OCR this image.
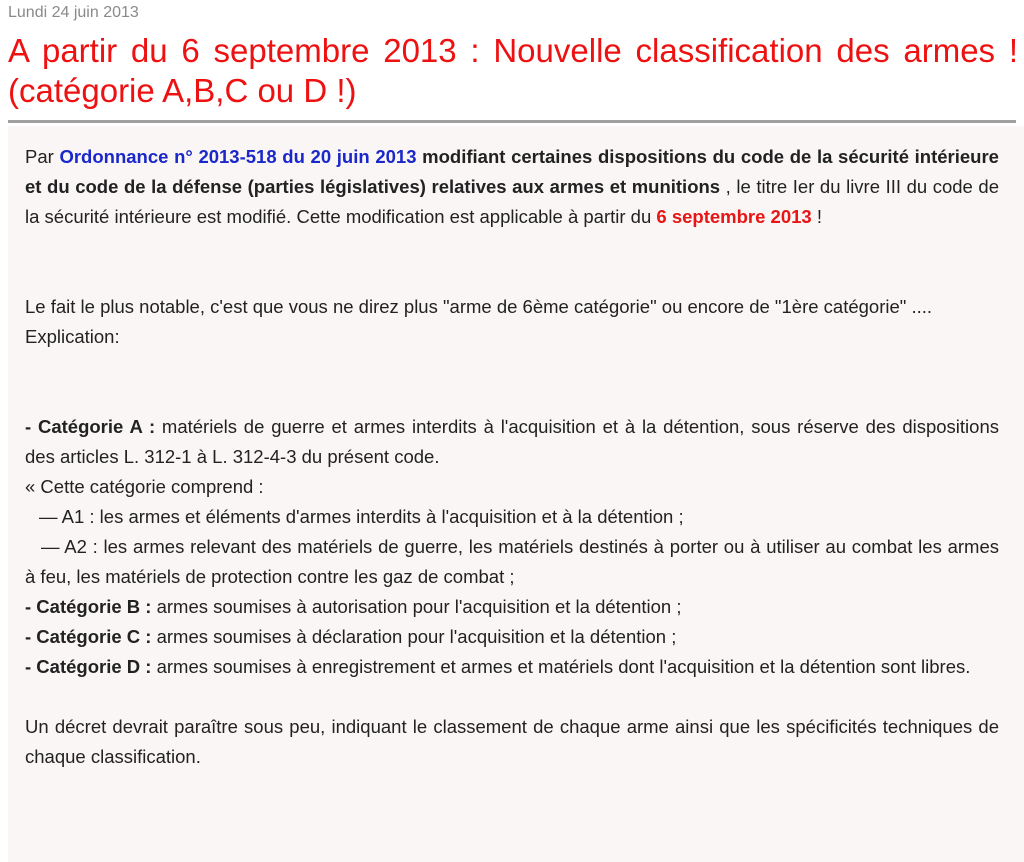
Lundi 24 juin 2013
A partir du 6 septembre 2013 : Nouvelle classification des armes ! (catégorie A,B,C ou D !)

Par Ordonnance n° 2013-518 du 20 juin 2013 modifiant certaines dispositions du code de la sécurité intérieure et du code de la défense (parties législatives) relatives aux armes et munitions , le titre Ier du livre III du code de la sécurité intérieure est modifié. Cette modification est applicable à partir du 6 septembre 2013 !

Le fait le plus notable, c'est que vous ne direz plus "arme de 6ème catégorie" ou encore de "1ère catégorie" ....

Explication:

- Catégorie A : matériels de guerre et armes interdits à l'acquisition et à la détention, sous réserve des dispositions des articles L. 312-1 à L. 312-4-3 du présent code.

« Cette catégorie comprend :

— A1 : les armes et éléments d'armes interdits à l'acquisition et à la détention ;

— A2 : les armes relevant des matériels de guerre, les matériels destinés à porter ou à utiliser au combat les armes à feu, les matériels de protection contre les gaz de combat ;

- Catégorie B : armes soumises à autorisation pour l'acquisition et la détention ;

- Catégorie C : armes soumises à déclaration pour l'acquisition et la détention ;

- Catégorie D : armes soumises à enregistrement et armes et matériels dont l'acquisition et la détention sont libres.

Un décret devrait paraître sous peu, indiquant le classement de chaque arme ainsi que les spécificités techniques de chaque classification.
